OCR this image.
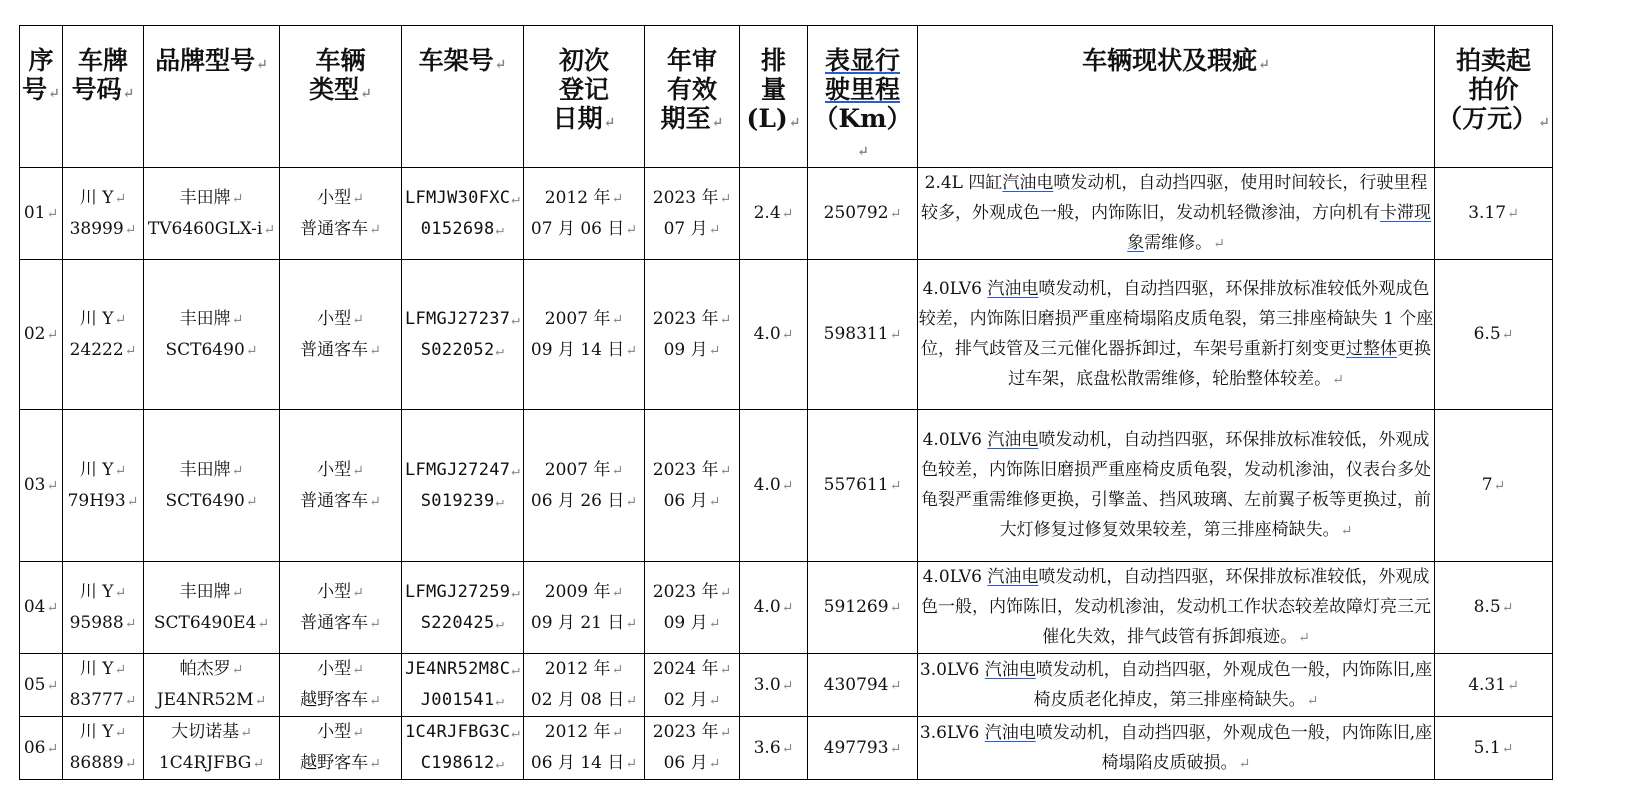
序
号↵	车牌
号码↵	品牌型号↵	车辆
类型↵	车架号↵	初次
登记
日期↵	年审
有效
期至↵	排
量
(L)↵	表显行
驶里程
（Km）↵	车辆现状及瑕疵↵	拍卖起
拍价
（万元）↵
01↵	川 Y↵
38999↵	丰田牌↵
TV6460GLX-i↵	小型↵
普通客车↵	LFMJW30FXC↵
0152698↵	2012 年↵
07 月 06 日↵	2023 年↵
07 月↵	2.4↵	250792↵	2.4L 四缸汽油电喷发动机，自动挡四驱，使用时间较长，行驶里程较多，外观成色一般，内饰陈旧，发动机轻微渗油，方向机有卡滞现象需维修。↵	3.17↵
02↵	川 Y↵
24222↵	丰田牌↵
SCT6490↵	小型↵
普通客车↵	LFMGJ27237↵
S022052↵	2007 年↵
09 月 14 日↵	2023 年↵
09 月↵	4.0↵	598311↵	4.0LV6 汽油电喷发动机，自动挡四驱，环保排放标准较低外观成色较差，内饰陈旧磨损严重座椅塌陷皮质龟裂，第三排座椅缺失 1 个座位，排气歧管及三元催化器拆卸过，车架号重新打刻变更过整体更换过车架，底盘松散需维修，轮胎整体较差。↵	6.5↵
03↵	川 Y↵
79H93↵	丰田牌↵
SCT6490↵	小型↵
普通客车↵	LFMGJ27247↵
S019239↵	2007 年↵
06 月 26 日↵	2023 年↵
06 月↵	4.0↵	557611↵	4.0LV6 汽油电喷发动机，自动挡四驱，环保排放标准较低，外观成色较差，内饰陈旧磨损严重座椅皮质龟裂，发动机渗油，仪表台多处龟裂严重需维修更换，引擎盖、挡风玻璃、左前翼子板等更换过，前大灯修复过修复效果较差，第三排座椅缺失。↵	7↵
04↵	川 Y↵
95988↵	丰田牌↵
SCT6490E4↵	小型↵
普通客车↵	LFMGJ27259↵
S220425↵	2009 年↵
09 月 21 日↵	2023 年↵
09 月↵	4.0↵	591269↵	4.0LV6 汽油电喷发动机，自动挡四驱，环保排放标准较低，外观成色一般，内饰陈旧，发动机渗油，发动机工作状态较差故障灯亮三元催化失效，排气歧管有拆卸痕迹。↵	8.5↵
05↵	川 Y↵
83777↵	帕杰罗↵
JE4NR52M↵	小型↵
越野客车↵	JE4NR52M8C↵
J001541↵	2012 年↵
02 月 08 日↵	2024 年↵
02 月↵	3.0↵	430794↵	3.0LV6 汽油电喷发动机，自动挡四驱，外观成色一般，内饰陈旧,座椅皮质老化掉皮，第三排座椅缺失。↵	4.31↵
06↵	川 Y↵
86889↵	大切诺基↵
1C4RJFBG↵	小型↵
越野客车↵	1C4RJFBG3C↵
C198612↵	2012 年↵
06 月 14 日↵	2023 年↵
06 月↵	3.6↵	497793↵	3.6LV6 汽油电喷发动机，自动挡四驱，外观成色一般，内饰陈旧,座椅塌陷皮质破损。↵	5.1↵
